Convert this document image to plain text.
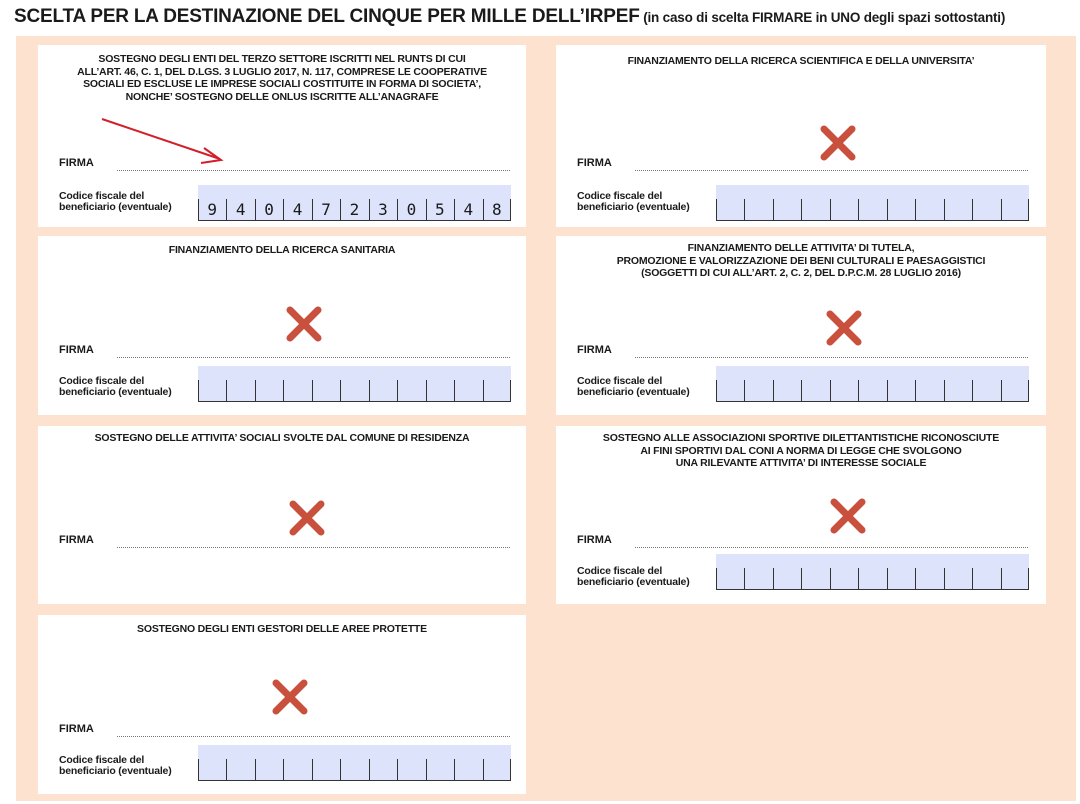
SCELTA PER LA DESTINAZIONE DEL CINQUE PER MILLE DELL’IRPEF (in caso di scelta FIRMARE in UNO degli spazi sottostanti)
SOSTEGNO DEGLI ENTI DEL TERZO SETTORE ISCRITTI NEL RUNTS DI CUI
ALL’ART. 46, C. 1, DEL D.LGS. 3 LUGLIO 2017, N. 117, COMPRESE LE COOPERATIVE
SOCIALI ED ESCLUSE LE IMPRESE SOCIALI COSTITUITE IN FORMA DI SOCIETA’,
NONCHE’ SOSTEGNO DELLE ONLUS ISCRITTE ALL’ANAGRAFE
FIRMA
Codice fiscale del
beneficiario (eventuale)	9	4	0	4	7	2	3	0	5	4	8
FINANZIAMENTO DELLA RICERCA SCIENTIFICA E DELLA UNIVERSITA’
FIRMA
Codice fiscale del
beneficiario (eventuale)
FINANZIAMENTO DELLA RICERCA SANITARIA
FIRMA
Codice fiscale del
beneficiario (eventuale)
FINANZIAMENTO DELLE ATTIVITA’ DI TUTELA,
PROMOZIONE E VALORIZZAZIONE DEI BENI CULTURALI E PAESAGGISTICI
(SOGGETTI DI CUI ALL’ART. 2, C. 2, DEL D.P.C.M. 28 LUGLIO 2016)
FIRMA
Codice fiscale del
beneficiario (eventuale)
SOSTEGNO DELLE ATTIVITA’ SOCIALI SVOLTE DAL COMUNE DI RESIDENZA
FIRMA
SOSTEGNO ALLE ASSOCIAZIONI SPORTIVE DILETTANTISTICHE RICONOSCIUTE
AI FINI SPORTIVI DAL CONI A NORMA DI LEGGE CHE SVOLGONO
UNA RILEVANTE ATTIVITA’ DI INTERESSE SOCIALE
FIRMA
Codice fiscale del
beneficiario (eventuale)
SOSTEGNO DEGLI ENTI GESTORI DELLE AREE PROTETTE
FIRMA
Codice fiscale del
beneficiario (eventuale)
